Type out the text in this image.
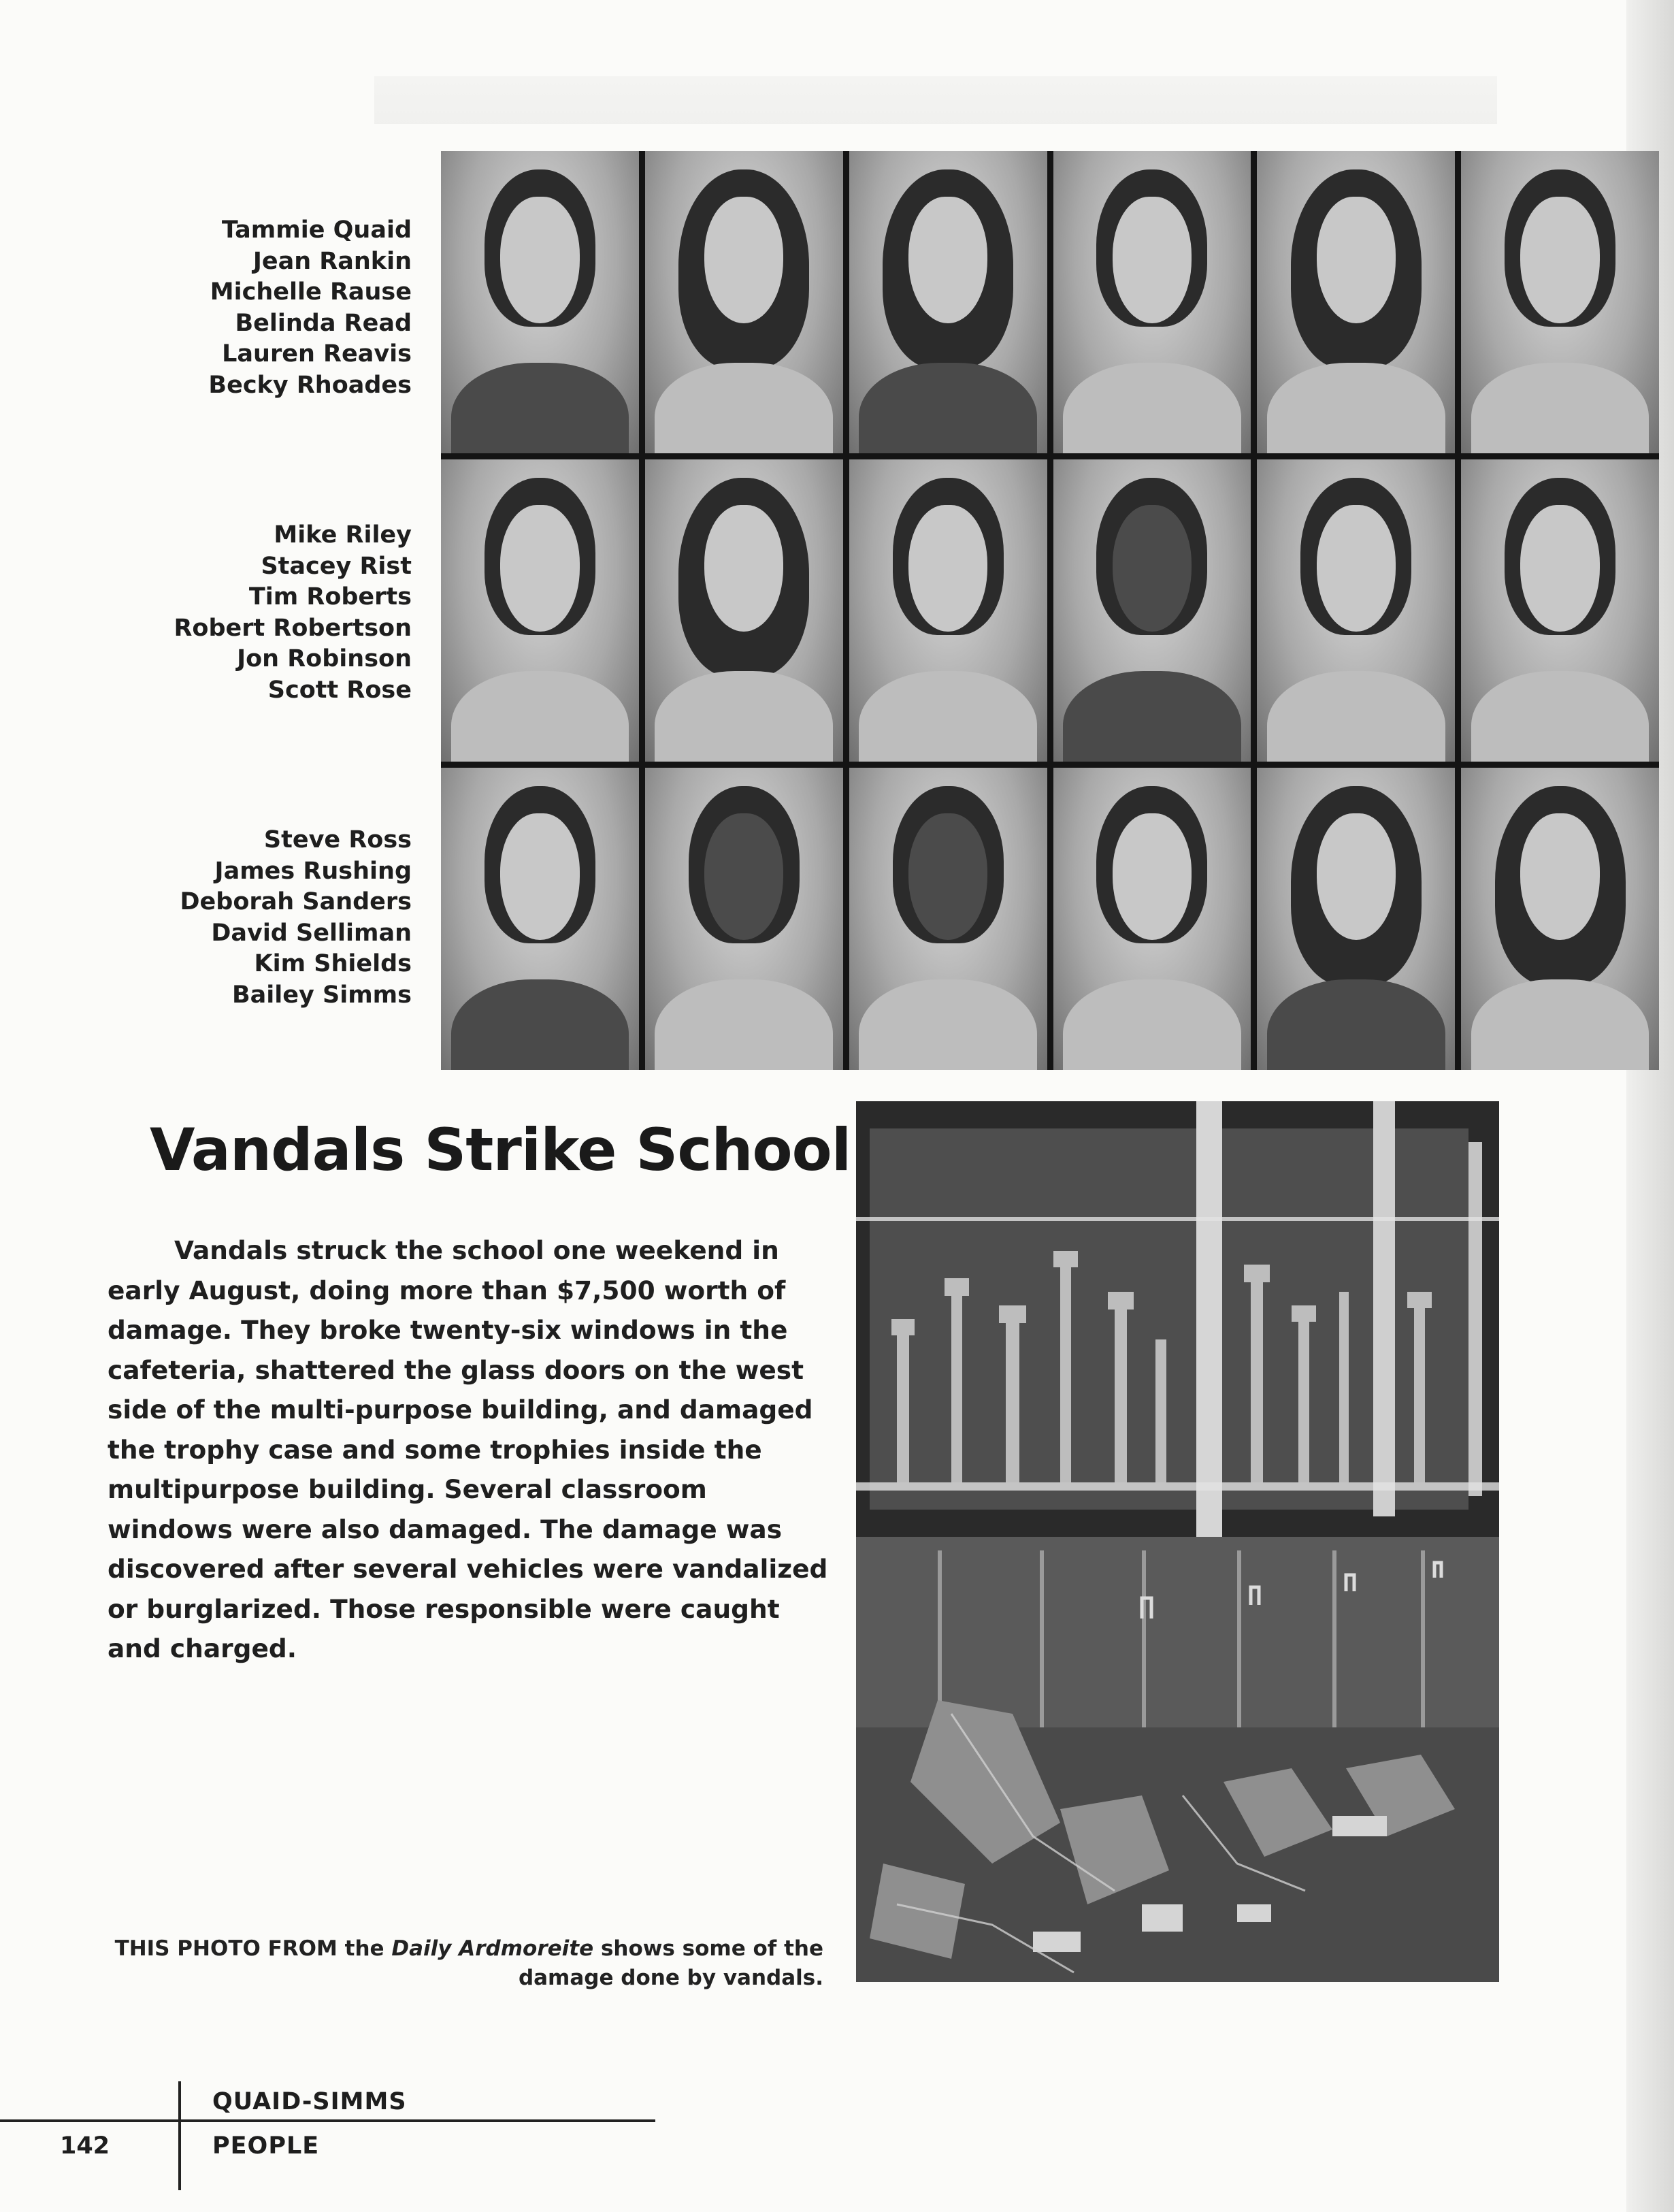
Tammie Quaid
Jean Rankin
Michelle Rause
Belinda Read
Lauren Reavis
Becky Rhoades
Mike Riley
Stacey Rist
Tim Roberts
Robert Robertson
Jon Robinson
Scott Rose
Steve Ross
James Rushing
Deborah Sanders
David Selliman
Kim Shields
Bailey Simms
Vandals Strike School

Vandals struck the school one weekend in early August, doing more than $7,500 worth of damage. They broke twenty-six windows in the cafeteria, shattered the glass doors on the west side of the multi-purpose building, and damaged the trophy case and some trophies inside the multipurpose building. Several classroom windows were also damaged. The damage was discovered after several vehicles were vandalized or burglarized. Those responsible were caught and charged.

THIS PHOTO FROM the Daily Ardmoreite shows some of the damage done by vandals.
QUAID-SIMMS
PEOPLE
142
